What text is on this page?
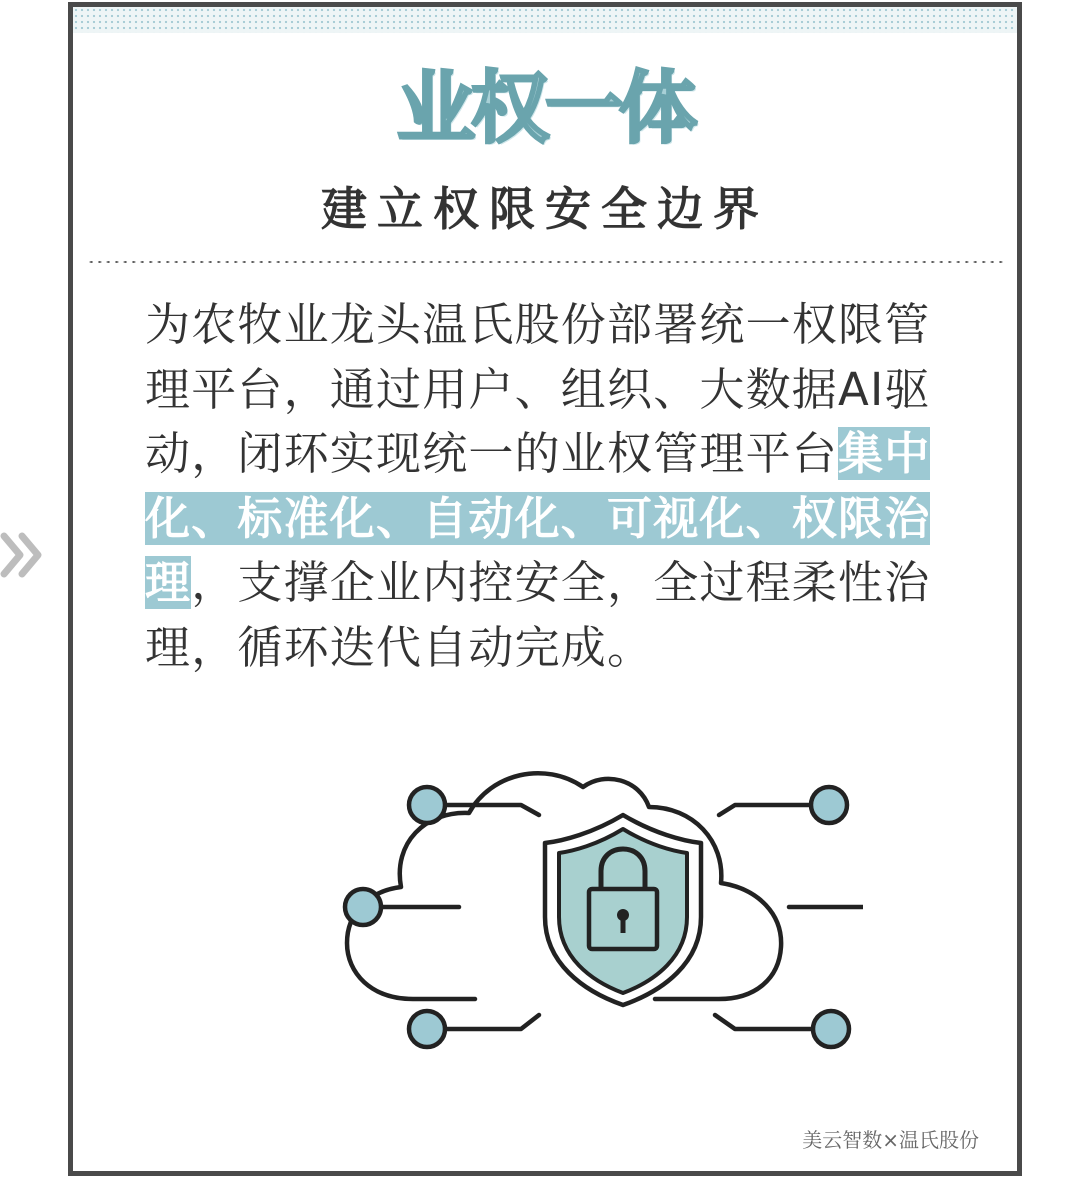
业权一体
建立权限安全边界
为农牧业龙头温氏股份部署统一权限管理平台，通过用户、组织、大数据AI驱动，闭环实现统一的业权管理平台集中化、标准化、自动化、可视化、权限治理，支撑企业内控安全，全过程柔性治理，循环迭代自动完成。
美云智数×温氏股份
